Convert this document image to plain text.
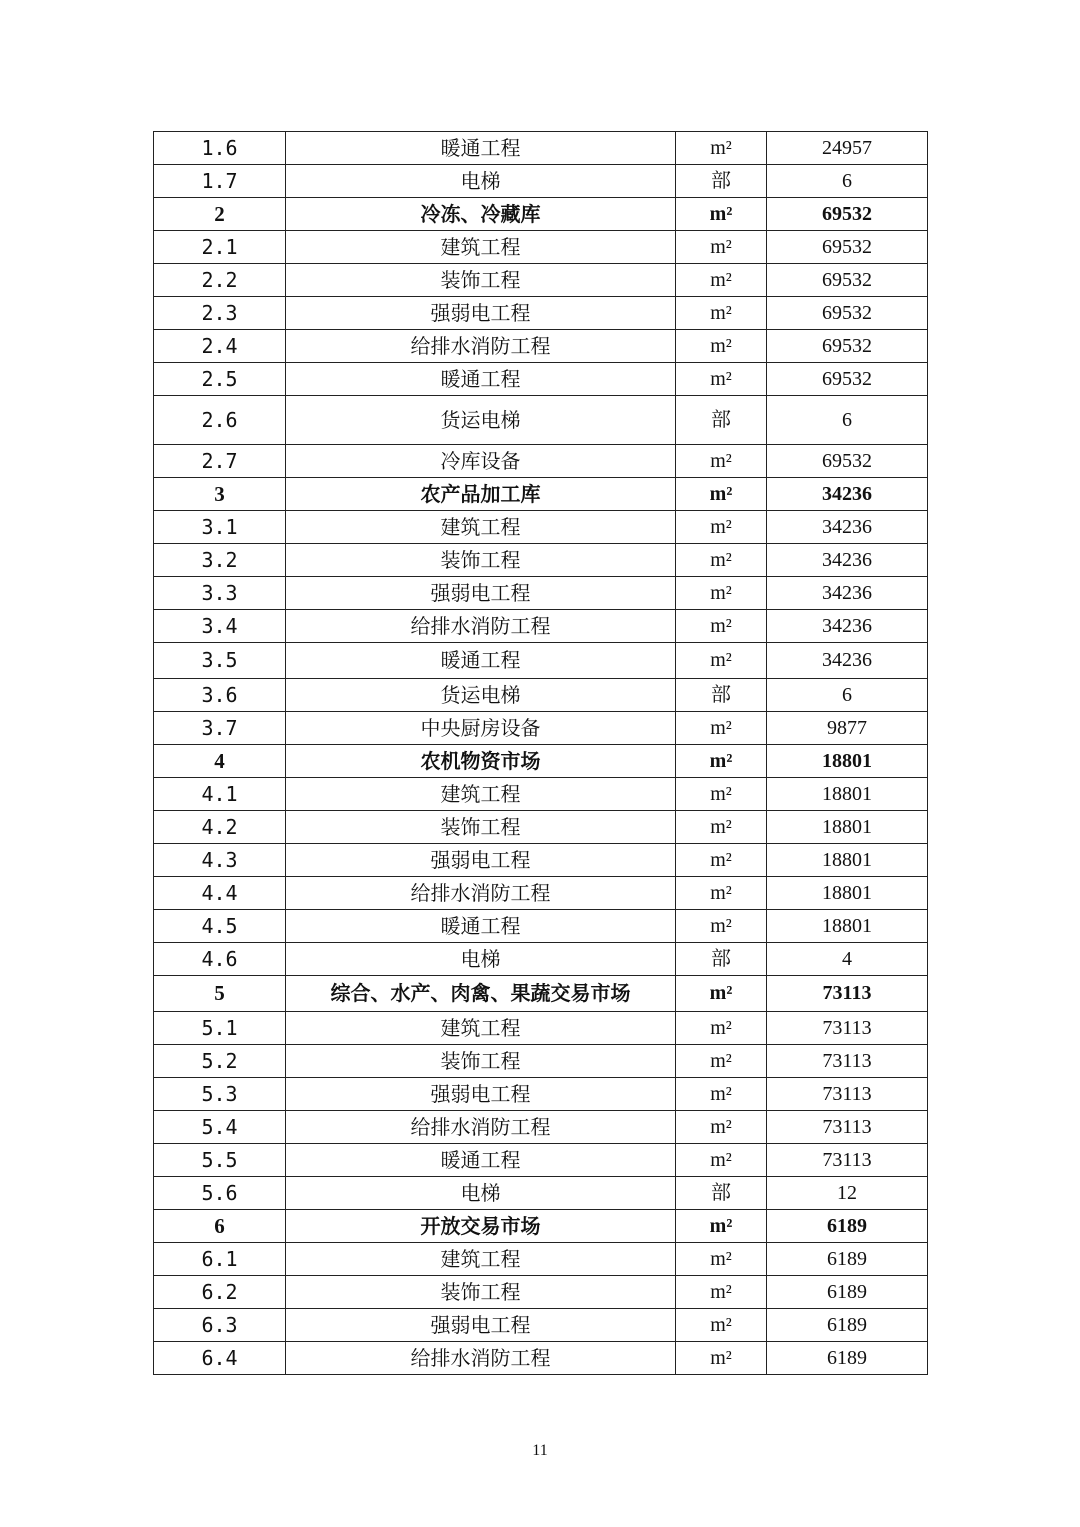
1.6	暖通工程	m²	24957
1.7	电梯	部	6
2	冷冻、冷藏库	m²	69532
2.1	建筑工程	m²	69532
2.2	装饰工程	m²	69532
2.3	强弱电工程	m²	69532
2.4	给排水消防工程	m²	69532
2.5	暖通工程	m²	69532
2.6	货运电梯	部	6
2.7	冷库设备	m²	69532
3	农产品加工库	m²	34236
3.1	建筑工程	m²	34236
3.2	装饰工程	m²	34236
3.3	强弱电工程	m²	34236
3.4	给排水消防工程	m²	34236
3.5	暖通工程	m²	34236
3.6	货运电梯	部	6
3.7	中央厨房设备	m²	9877
4	农机物资市场	m²	18801
4.1	建筑工程	m²	18801
4.2	装饰工程	m²	18801
4.3	强弱电工程	m²	18801
4.4	给排水消防工程	m²	18801
4.5	暖通工程	m²	18801
4.6	电梯	部	4
5	综合、水产、肉禽、果蔬交易市场	m²	73113
5.1	建筑工程	m²	73113
5.2	装饰工程	m²	73113
5.3	强弱电工程	m²	73113
5.4	给排水消防工程	m²	73113
5.5	暖通工程	m²	73113
5.6	电梯	部	12
6	开放交易市场	m²	6189
6.1	建筑工程	m²	6189
6.2	装饰工程	m²	6189
6.3	强弱电工程	m²	6189
6.4	给排水消防工程	m²	6189
11
